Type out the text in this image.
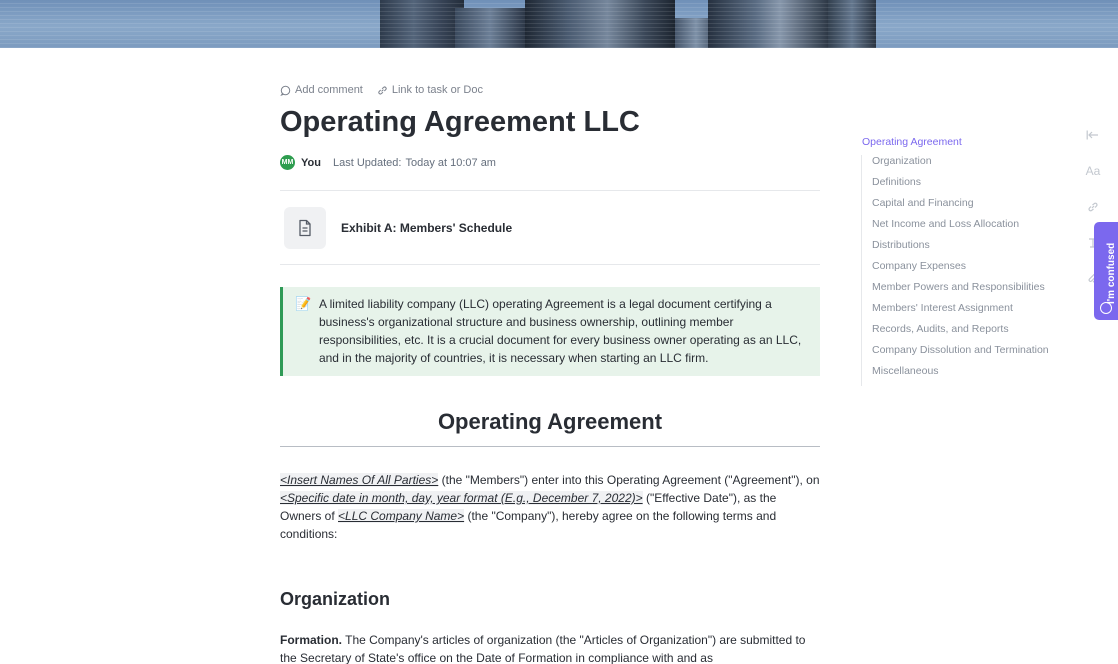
Add comment	Link to task or Doc
Operating Agreement LLC
MM You Last Updated: Today at 10:07 am
Exhibit A: Members' Schedule
📝 A limited liability company (LLC) operating Agreement is a legal document certifying a business's organizational structure and business ownership, outlining member responsibilities, etc. It is a crucial document for every business owner operating as an LLC, and in the majority of countries, it is necessary when starting an LLC firm.
Operating Agreement
<Insert Names Of All Parties> (the "Members") enter into this Operating Agreement ("Agreement"), on <Specific date in month, day, year format (E.g., December 7, 2022)> ("Effective Date"), as the Owners of <LLC Company Name> (the "Company"), hereby agree on the following terms and conditions:
Organization
Formation. The Company's articles of organization (the "Articles of Organization") are submitted to the Secretary of State's office on the Date of Formation in compliance with and as
Operating Agreement
Organization
Definitions
Capital and Financing
Net Income and Loss Allocation
Distributions
Company Expenses
Member Powers and Responsibilities
Members' Interest Assignment
Records, Audits, and Reports
Company Dissolution and Termination
Miscellaneous
Aa
I'm confused
